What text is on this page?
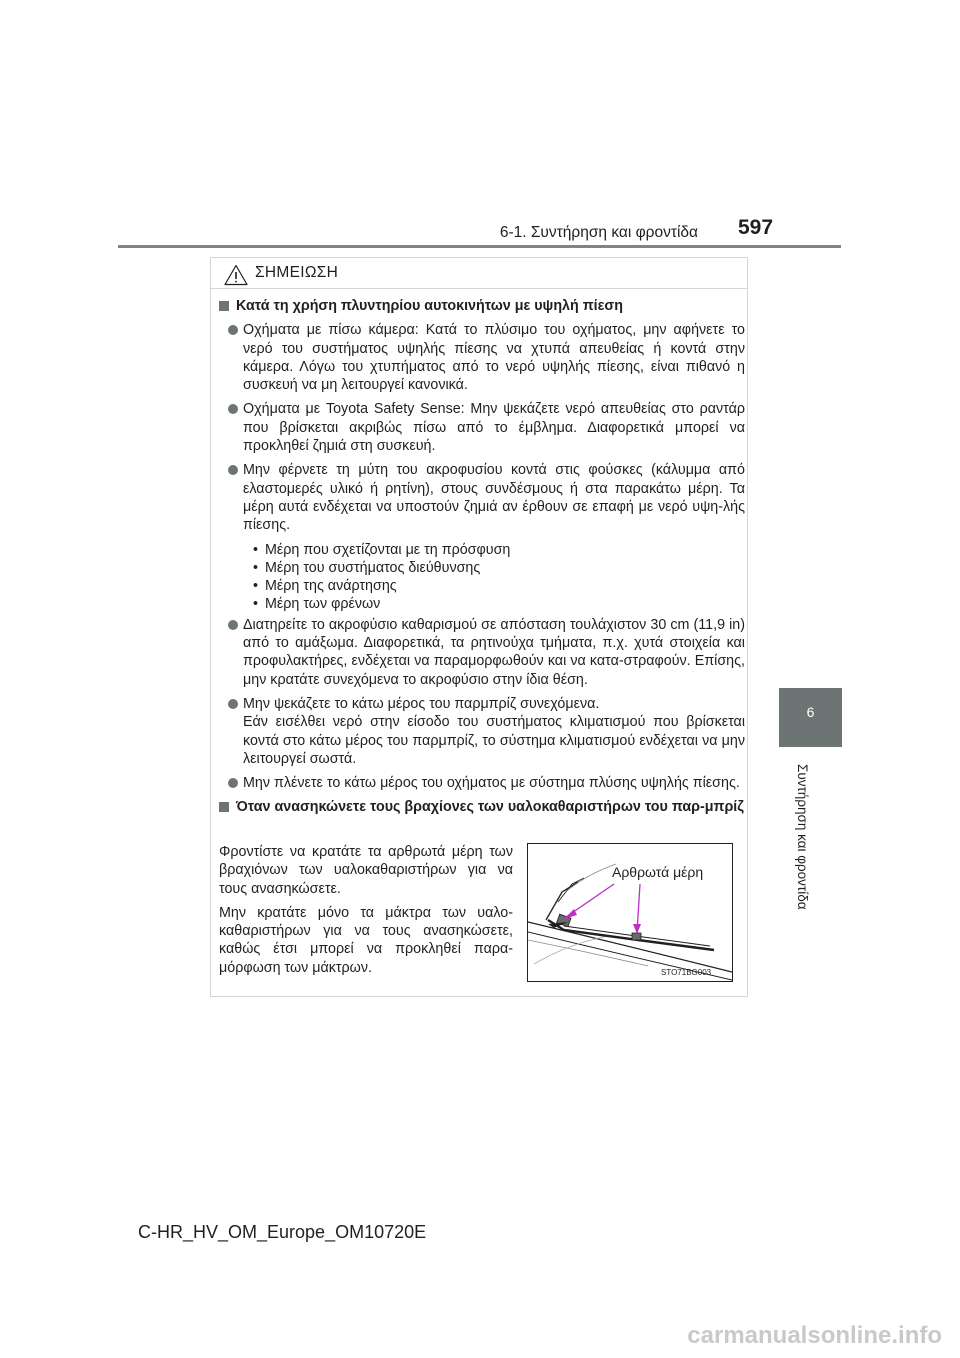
6-1. Συντήρηση και φροντίδα 597
6
Συντήρηση και φροντίδα
ΣΗΜΕΙΩΣΗ
Κατά τη χρήση πλυντηρίου αυτοκινήτων με υψηλή πίεση
Οχήματα με πίσω κάμερα: Κατά το πλύσιμο του οχήματος, μην αφήνετε το νερό του συστήματος υψηλής πίεσης να χτυπά απευθείας ή κοντά στην κάμερα. Λόγω του χτυπήματος από το νερό υψηλής πίεσης, είναι πιθανό η συσκευή να μη λειτουργεί κανονικά.
Οχήματα με Toyota Safety Sense: Μην ψεκάζετε νερό απευθείας στο ραντάρ που βρίσκεται ακριβώς πίσω από το έμβλημα. Διαφορετικά μπορεί να προκληθεί ζημιά στη συσκευή.
Μην φέρνετε τη μύτη του ακροφυσίου κοντά στις φούσκες (κάλυμμα από ελαστομερές υλικό ή ρητίνη), στους συνδέσμους ή στα παρακάτω μέρη. Τα μέρη αυτά ενδέχεται να υποστούν ζημιά αν έρθουν σε επαφή με νερό υψη-λής πίεσης.
• Μέρη που σχετίζονται με τη πρόσφυση
• Μέρη του συστήματος διεύθυνσης
• Μέρη της ανάρτησης
• Μέρη των φρένων
Διατηρείτε το ακροφύσιο καθαρισμού σε απόσταση τουλάχιστον 30 cm (11,9 in) από το αμάξωμα. Διαφορετικά, τα ρητινούχα τμήματα, π.χ. χυτά στοιχεία και προφυλακτήρες, ενδέχεται να παραμορφωθούν και να κατα-στραφούν. Επίσης, μην κρατάτε συνεχόμενα το ακροφύσιο στην ίδια θέση.
Μην ψεκάζετε το κάτω μέρος του παρμπρίζ συνεχόμενα.
Εάν εισέλθει νερό στην είσοδο του συστήματος κλιματισμού που βρίσκεται κοντά στο κάτω μέρος του παρμπρίζ, το σύστημα κλιματισμού ενδέχεται να μην λειτουργεί σωστά.
Μην πλένετε το κάτω μέρος του οχήματος με σύστημα πλύσης υψηλής πίεσης.
Όταν ανασηκώνετε τους βραχίονες των υαλοκαθαριστήρων του παρ-μπρίζ

Φροντίστε να κρατάτε τα αρθρωτά μέρη των βραχιόνων των υαλοκαθαριστήρων για να τους ανασηκώσετε.

Μην κρατάτε μόνο τα μάκτρα των υαλο-καθαριστήρων για να τους ανασηκώσετε, καθώς έτσι μπορεί να προκληθεί παρα-μόρφωση των μάκτρων.

Αρθρωτά μέρη
STO71BG003
C-HR_HV_OM_Europe_OM10720E
carmanualsonline.info
